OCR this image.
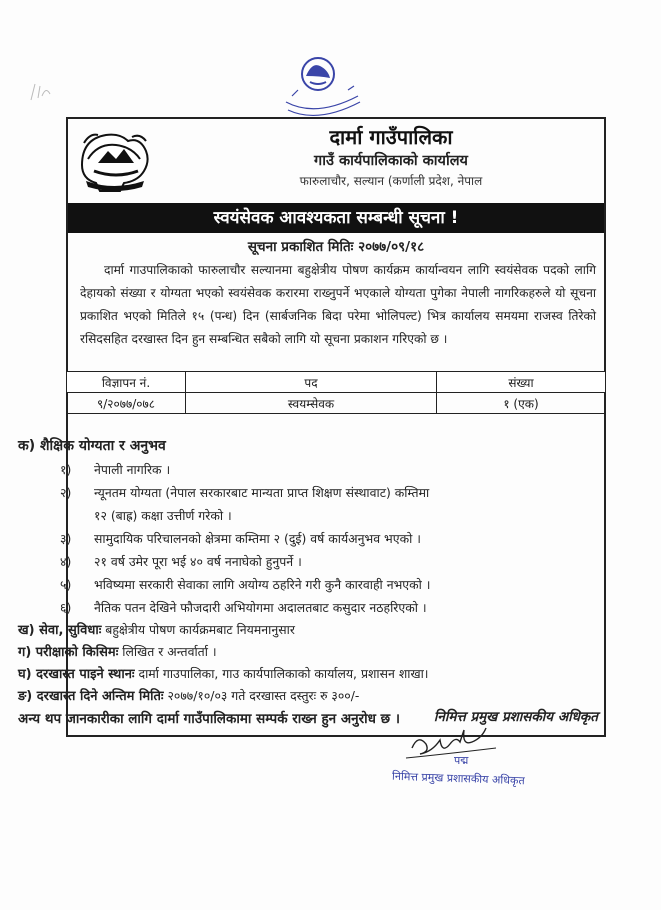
दार्मा गाउँपालिका
गाउँ कार्यपालिकाको कार्यालय
फारुलाचौर, सल्यान (कर्णाली प्रदेश, नेपाल
स्वयंसेवक आवश्यकता सम्बन्धी सूचना !
सूचना प्रकाशित मितिः २०७७/०९/१८
दार्मा गाउपालिकाको फारुलाचौर सल्यानमा बहुक्षेत्रीय पोषण कार्यक्रम कार्यान्वयन लागि स्वयंसेवक पदको लागि देहायको संख्या र योग्यता भएको स्वयंसेवक करारमा राख्नुपर्ने भएकाले योग्यता पुगेका नेपाली नागरिकहरुले यो सूचना प्रकाशित भएको मितिले १५ (पन्ध) दिन (सार्बजनिक बिदा परेमा भोलिपल्ट) भित्र कार्यालय समयमा राजस्व तिरेको रसिदसहित दरखास्त दिन हुन सम्बन्धित सबैको लागि यो सूचना प्रकाशन गरिएको छ ।
विज्ञापन नं.	पद	संख्या
९/२०७७/०७८	स्वयम्सेवक	१ (एक)
क) शैक्षिक योग्यता र अनुभव
१) नेपाली नागरिक ।
२) न्यूनतम योग्यता (नेपाल सरकारबाट मान्यता प्राप्त शिक्षण संस्थावाट) कम्तिमा
१२ (बाह्र) कक्षा उत्तीर्ण गरेको ।
३) सामुदायिक परिचालनको क्षेत्रमा कम्तिमा २ (दुई) वर्ष कार्यअनुभव भएको ।
४) २१ वर्ष उमेर पूरा भई ४० वर्ष ननाघेको हुनुपर्ने ।
५) भविष्यमा सरकारी सेवाका लागि अयोग्य ठहरिने गरी कुनै कारवाही नभएको ।
६) नैतिक पतन देखिने फौजदारी अभियोगमा अदालतबाट कसुदार नठहरिएको ।
ख) सेवा, सुविधाः बहुक्षेत्रीय पोषण कार्यक्रमबाट नियमनानुसार
ग) परीक्षाको किसिमः लिखित र अन्तर्वार्ता ।
घ) दरखास्त पाइने स्थानः दार्मा गाउपालिका, गाउ कार्यपालिकाको कार्यालय, प्रशासन शाखा।
ङ) दरखास्त दिने अन्तिम मितिः २०७७/१०/०३ गते दरखास्त दस्तुरः रु ३००/-
अन्य थप जानकारीका लागि दार्मा गाउँपालिकामा सम्पर्क राख्न हुन अनुरोध छ ।	निमित्त प्रमुख प्रशासकीय अधिकृत
पद्म
निमित्त प्रमुख प्रशासकीय अधिकृत
